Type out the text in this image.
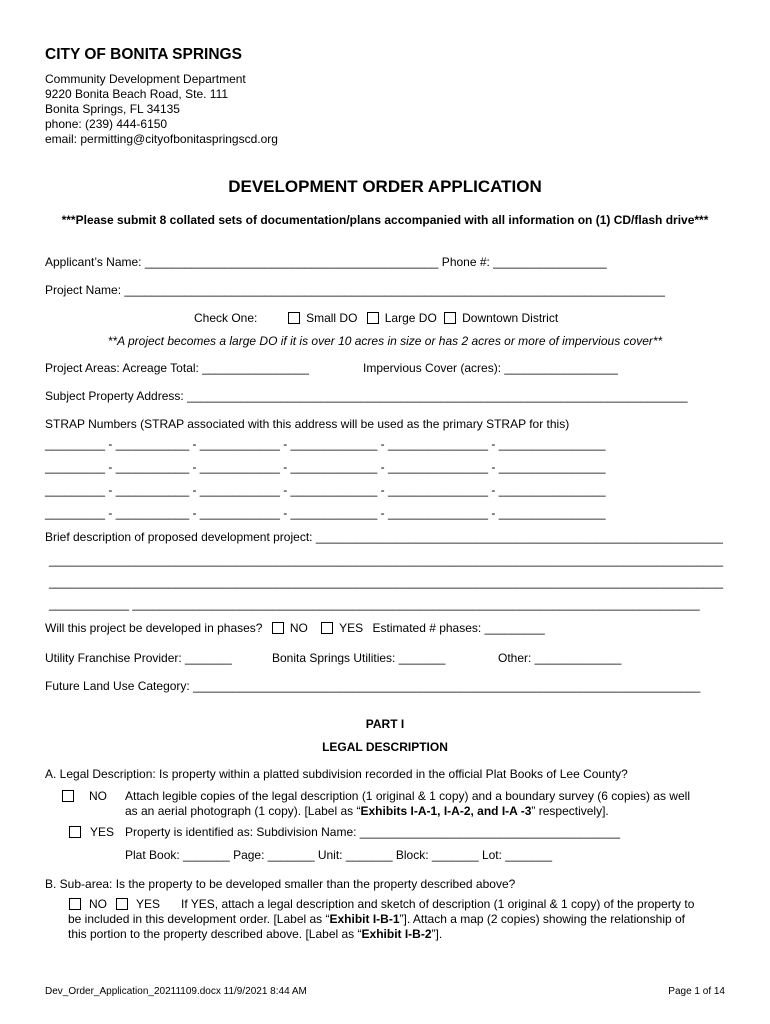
CITY OF BONITA SPRINGS
Community Development Department
9220 Bonita Beach Road, Ste. 111
Bonita Springs, FL 34135
phone: (239) 444-6150
email: permitting@cityofbonitaspringscd.org
DEVELOPMENT ORDER APPLICATION
***Please submit 8 collated sets of documentation/plans accompanied with all information on (1) CD/flash drive***
Applicant’s Name: ____________________________________________ Phone #: _________________
Project Name: _________________________________________________________________________________
Check One:	Small DO Large DO Downtown District
**A project becomes a large DO if it is over 10 acres in size or has 2 acres or more of impervious cover**
Project Areas: Acreage Total: ________________	Impervious Cover (acres): _________________
Subject Property Address: ___________________________________________________________________________
STRAP Numbers (STRAP associated with this address will be used as the primary STRAP for this)
_________ - ___________ - ____________ - _____________ - _______________ - ________________
_________ - ___________ - ____________ - _____________ - _______________ - ________________
_________ - ___________ - ____________ - _____________ - _______________ - ________________
_________ - ___________ - ____________ - _____________ - _______________ - ________________
Brief description of proposed development project: _____________________________________________________________
_____________________________________________________________________________________________________
_____________________________________________________________________________________________________
____________ _____________________________________________________________________________________
Will this project be developed in phases? NO	YES Estimated # phases: _________
Utility Franchise Provider: _______	Bonita Springs Utilities: _______	Other: _____________
Future Land Use Category: ____________________________________________________________________________
PART I
LEGAL DESCRIPTION
A. Legal Description: Is property within a platted subdivision recorded in the official Plat Books of Lee County?
NO Attach legible copies of the legal description (1 original & 1 copy) and a boundary survey (6 copies) as well
as an aerial photograph (1 copy). [Label as “Exhibits I-A-1, I-A-2, and I-A -3” respectively].
YES Property is identified as: Subdivision Name: _______________________________________
Plat Book: _______ Page: _______ Unit: _______ Block: _______ Lot: _______
B. Sub-area: Is the property to be developed smaller than the property described above?
NO YES If YES, attach a legal description and sketch of description (1 original & 1 copy) of the property to
be included in this development order. [Label as “Exhibit I-B-1”]. Attach a map (2 copies) showing the relationship of
this portion to the property described above. [Label as “Exhibit I-B-2”].
Dev_Order_Application_20211109.docx 11/9/2021 8:44 AM	Page 1 of 14
